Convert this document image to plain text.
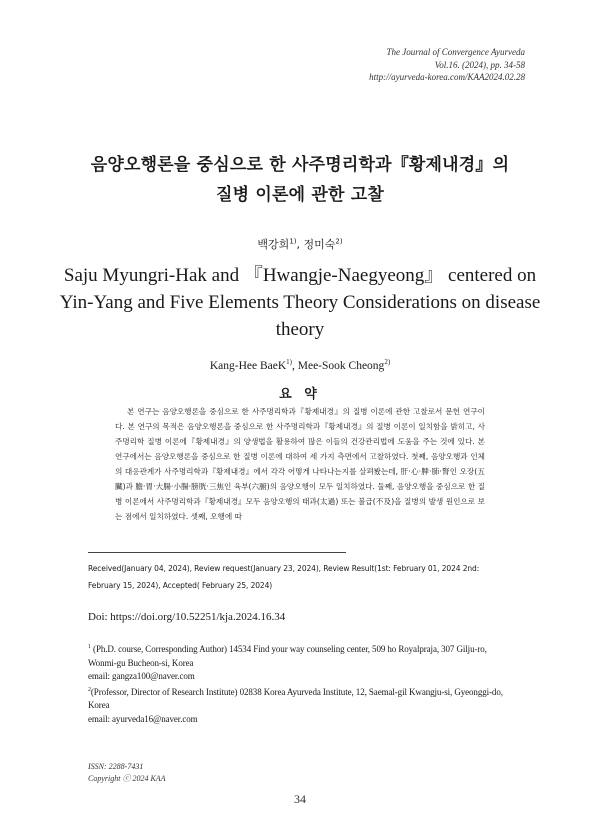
The Journal of Convergence Ayurveda
Vol.16. (2024), pp. 34-58
http://ayurveda-korea.com/KAA2024.02.28
음양오행론을 중심으로 한 사주명리학과『황제내경』의
질병 이론에 관한 고찰
백강희$^{1)}$, 정미숙$^{2)}$
Saju Myungri-Hak and 『Hwangje-Naegyeong』 centered on
Yin-Yang and Five Elements Theory Considerations on disease
theory
Kang-Hee BaeK$^{1)}$, Mee-Sook Cheong$^{2)}$
요 약
본 연구는 음양오행론을 중심으로 한 사주명리학과『황제내경』의 질병 이론에 관한 고찰로서 문헌 연구이다. 본 연구의 목적은 음양오행론을 중심으로 한 사주명리학과『황제내경』의 질병 이론이 일치함을 밝히고, 사주명리학 질병 이론에『황제내경』의 양생법을 활용하여 많은 이들의 건강관리법에 도움을 주는 것에 있다. 본 연구에서는 음양오행론을 중심으로 한 질병 이론에 대하여 세 가지 측면에서 고찰하였다. 첫째, 음양오행과 인체의 대응관계가 사주명리학과『황제내경』에서 각각 어떻게 나타나는지를 살펴봤는데, 肝·心·脾·肺·腎인 오장(五臟)과 膽·胃·大腸·小腸·膀胱·三焦인 육부(六腑)의 음양오행이 모두 일치하였다. 둘째, 음양오행을 중심으로 한 질병 이론에서 사주명리학과『황제내경』모두 음양오행의 태과(太過) 또는 불급(不及)을 질병의 발생 원인으로 보는 점에서 일치하였다. 셋째, 오행에 따
Received(January 04, 2024), Review request(January 23, 2024), Review Result(1st: February 01, 2024 2nd:
February 15, 2024), Accepted( February 25, 2024)
Doi: https://doi.org/10.52251/kja.2024.16.34
$^1$ (Ph.D. course, Corresponding Author) 14534 Find your way counseling center, 509 ho Royalpraja, 307 Gilju-ro, Wonmi-gu Bucheon-si, Korea
email: gangza100@naver.com
$^2$(Professor, Director of Research Institute) 02838 Korea Ayurveda Institute, 12, Saemal-gil Kwangju-si, Gyeonggi-do, Korea
email: ayurveda16@naver.com
ISSN: 2288-7431
Copyright ⓒ 2024 KAA
34
